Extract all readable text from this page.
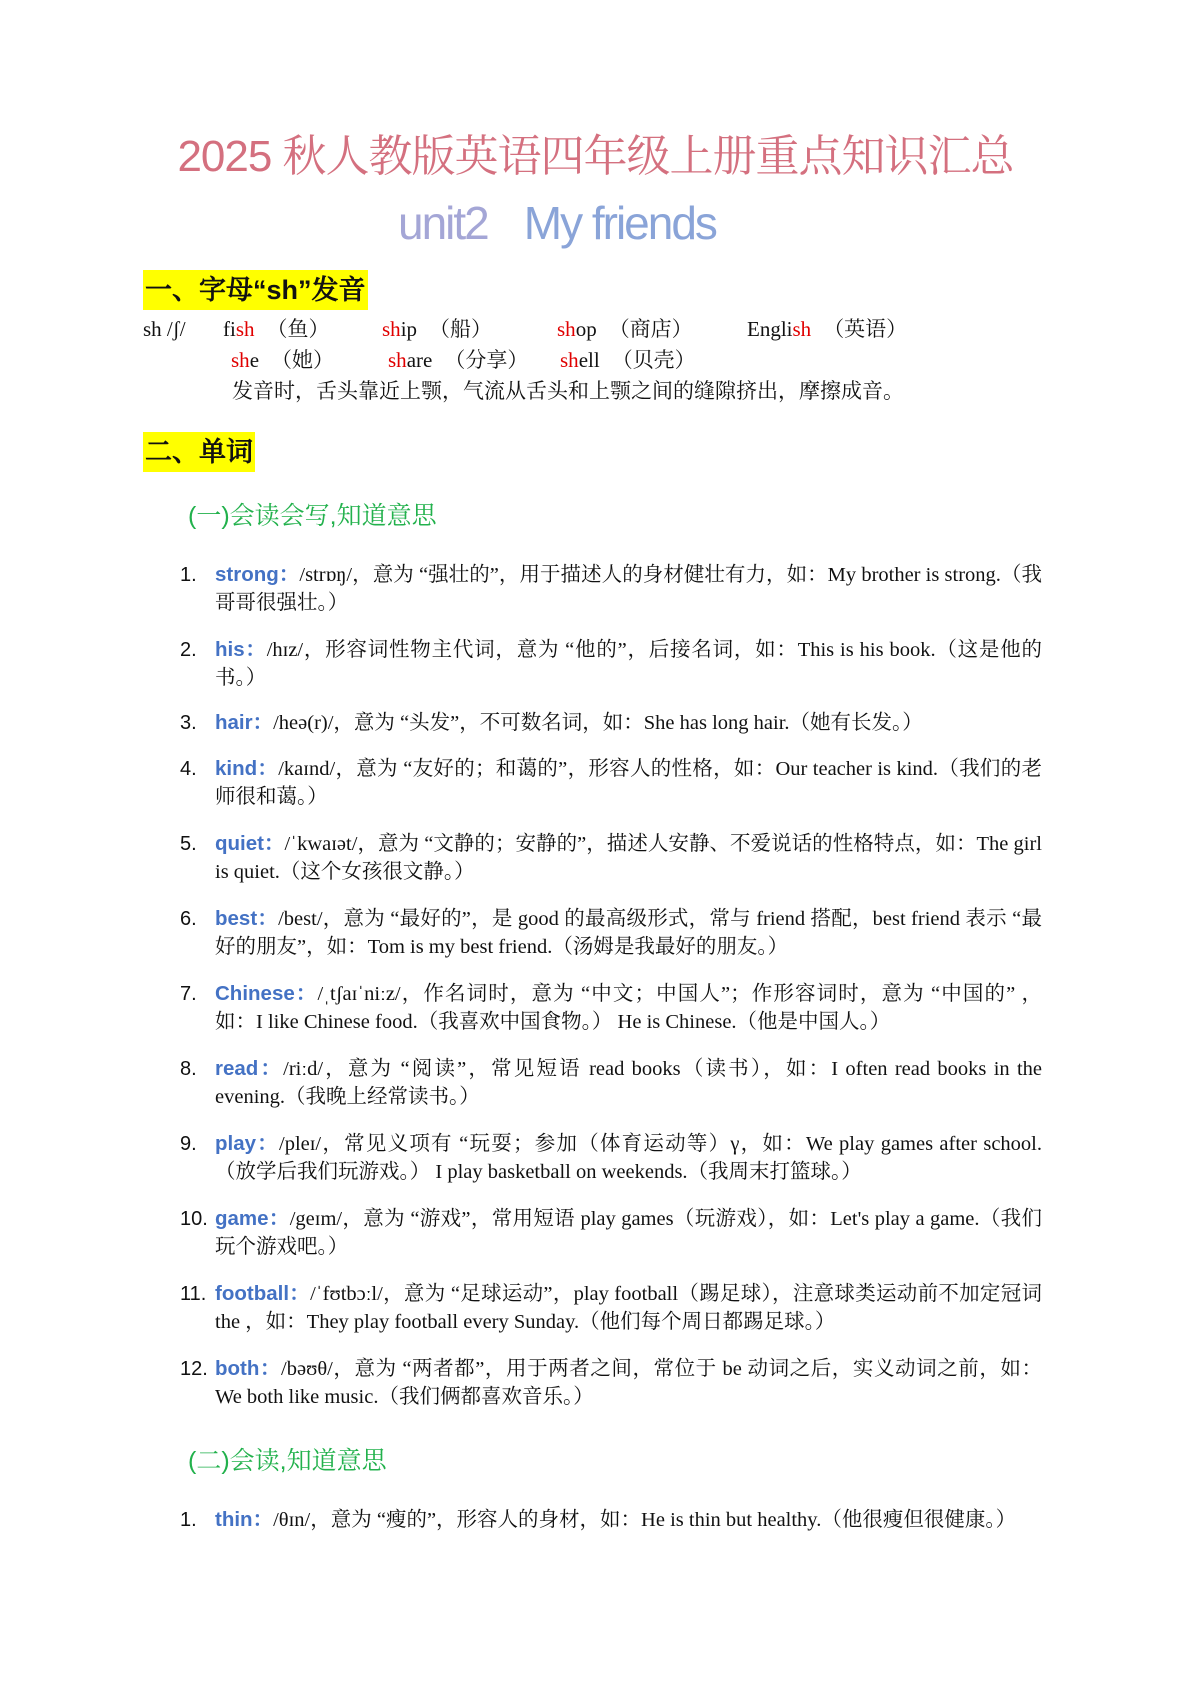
2025 秋人教版英语四年级上册重点知识汇总
unit2 My friends
一、字母“sh”发音
sh /ʃ/ fish （鱼） ship （船）	shop （商店）	English （英语）
she （她）	share （分享） shell （贝壳）
发音时，舌头靠近上颚，气流从舌头和上颚之间的缝隙挤出，摩擦成音。
二、单词
(一)会读会写,知道意思
1. strong：/strɒŋ/，意为 “强壮的”，用于描述人的身材健壮有力，如：My brother is strong.（我哥哥很强壮。）
2. his：/hɪz/，形容词性物主代词，意为 “他的”，后接名词，如：This is his book.（这是他的书。）
3. hair：/heə(r)/，意为 “头发”，不可数名词，如：She has long hair.（她有长发。）
4. kind：/kaɪnd/，意为 “友好的；和蔼的”，形容人的性格，如：Our teacher is kind.（我们的老师很和蔼。）
5. quiet：/ˈkwaɪət/，意为 “文静的；安静的”，描述人安静、不爱说话的性格特点，如：The girl is quiet.（这个女孩很文静。）
6. best：/best/，意为 “最好的”，是 good 的最高级形式，常与 friend 搭配，best friend 表示 “最好的朋友”，如：Tom is my best friend.（汤姆是我最好的朋友。）
7. Chinese：/ˌtʃaɪˈniːz/，作名词时，意为 “中文；中国人”；作形容词时，意为 “中国的” ，如：I like Chinese food.（我喜欢中国食物。） He is Chinese.（他是中国人。）
8. read：/riːd/，意为 “阅读”，常见短语 read books（读书），如：I often read books in the evening.（我晚上经常读书。）
9. play：/pleɪ/，常见义项有 “玩耍；参加（体育运动等）γ，如：We play games after school.（放学后我们玩游戏。） I play basketball on weekends.（我周末打篮球。）
10. game：/geɪm/，意为 “游戏”，常用短语 play games（玩游戏），如：Let's play a game.（我们玩个游戏吧。）
11. football：/ˈfʊtbɔːl/，意为 “足球运动”，play football（踢足球），注意球类运动前不加定冠词 the ，如：They play football every Sunday.（他们每个周日都踢足球。）
12. both：/bəʊθ/，意为 “两者都”，用于两者之间，常位于 be 动词之后，实义动词之前，如：We both like music.（我们俩都喜欢音乐。）
(二)会读,知道意思
1. thin：/θɪn/，意为 “瘦的”，形容人的身材，如：He is thin but healthy.（他很瘦但很健康。）
